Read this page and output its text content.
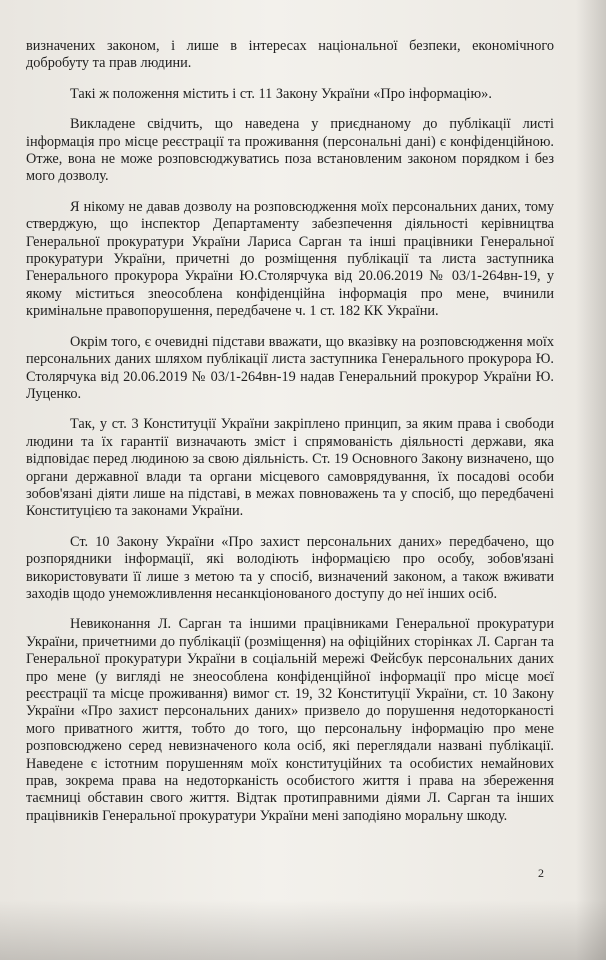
визначених законом, і лише в інтересах національної безпеки, економічного добробуту та прав людини.

Такі ж положення містить і ст. 11 Закону України «Про інформацію».

Викладене свідчить, що наведена у приєднаному до публікації листі інформація про місце реєстрації та проживання (персональні дані) є конфіденційною. Отже, вона не може розповсюджуватись поза встановленим законом порядком і без мого дозволу.

Я нікому не давав дозволу на розповсюдження моїх персональних даних, тому стверджую, що інспектор Департаменту забезпечення діяльності керівництва Генеральної прокуратури України Лариса Сарган та інші працівники Генеральної прокуратури України, причетні до розміщення публікації та листа заступника Генерального прокурора України Ю.Столярчука від 20.06.2019 № 03/1-264вн-19, у якому міститься зneособлена конфіденційна інформація про мене, вчинили кримінальне правопорушення, передбачене ч. 1 ст. 182 КК України.

Окрім того, є очевидні підстави вважати, що вказівку на розповсюдження моїх персональних даних шляхом публікації листа заступника Генерального прокурора Ю. Столярчука від 20.06.2019 № 03/1-264вн-19 надав Генеральний прокурор України Ю. Луценко.

Так, у ст. 3 Конституції України закріплено принцип, за яким права і свободи людини та їх гарантії визначають зміст і спрямованість діяльності держави, яка відповідає перед людиною за свою діяльність. Ст. 19 Основного Закону визначено, що органи державної влади та органи місцевого самоврядування, їх посадові особи зобов'язані діяти лише на підставі, в межах повноважень та у спосіб, що передбачені Конституцією та законами України.

Ст. 10 Закону України «Про захист персональних даних» передбачено, що розпорядники інформації, які володіють інформацією про особу, зобов'язані використовувати її лише з метою та у спосіб, визначений законом, а також вживати заходів щодо унеможливлення несанкціонованого доступу до неї інших осіб.

Невиконання Л. Сарган та іншими працівниками Генеральної прокуратури України, причетними до публікації (розміщення) на офіційних сторінках Л. Сарган та Генеральної прокуратури України в соціальній мережі Фейсбук персональних даних про мене (у вигляді не знеособлена конфіденційної інформації про місце моєї реєстрації та місце проживання) вимог ст. 19, 32 Конституції України, ст. 10 Закону України «Про захист персональних даних» призвело до порушення недоторканості мого приватного життя, тобто до того, що персональну інформацію про мене розповсюджено серед невизначеного кола осіб, які переглядали названі публікації. Наведене є істотним порушенням моїх конституційних та особистих немайнових прав, зокрема права на недоторканість особистого життя і права на збереження таємниці обставин свого життя. Відтак протиправними діями Л. Сарган та інших працівників Генеральної прокуратури України мені заподіяно моральну шкоду.

2
